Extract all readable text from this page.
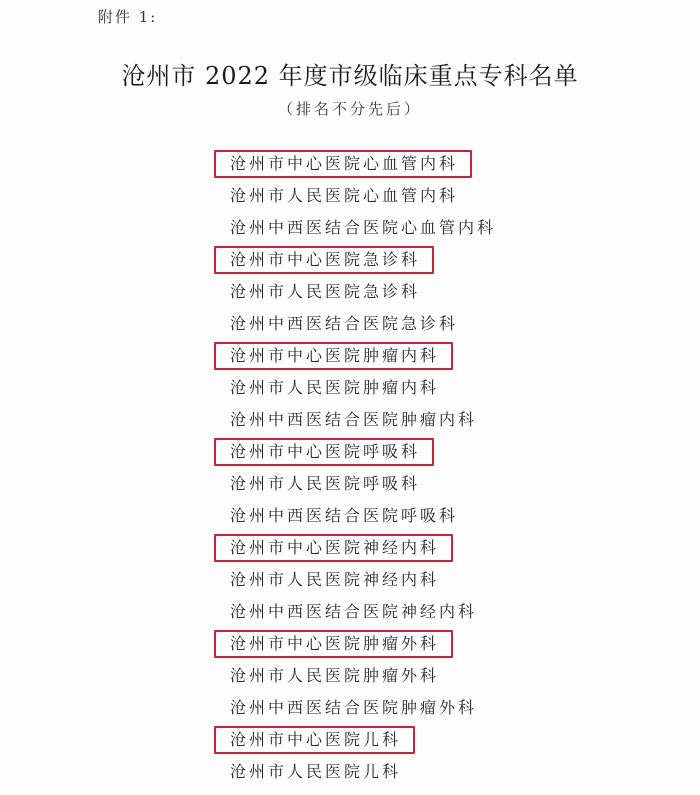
附件 1:
沧州市 2022 年度市级临床重点专科名单
（排名不分先后）
沧州市中心医院心血管内科
沧州市人民医院心血管内科
沧州中西医结合医院心血管内科
沧州市中心医院急诊科
沧州市人民医院急诊科
沧州中西医结合医院急诊科
沧州市中心医院肿瘤内科
沧州市人民医院肿瘤内科
沧州中西医结合医院肿瘤内科
沧州市中心医院呼吸科
沧州市人民医院呼吸科
沧州中西医结合医院呼吸科
沧州市中心医院神经内科
沧州市人民医院神经内科
沧州中西医结合医院神经内科
沧州市中心医院肿瘤外科
沧州市人民医院肿瘤外科
沧州中西医结合医院肿瘤外科
沧州市中心医院儿科
沧州市人民医院儿科
